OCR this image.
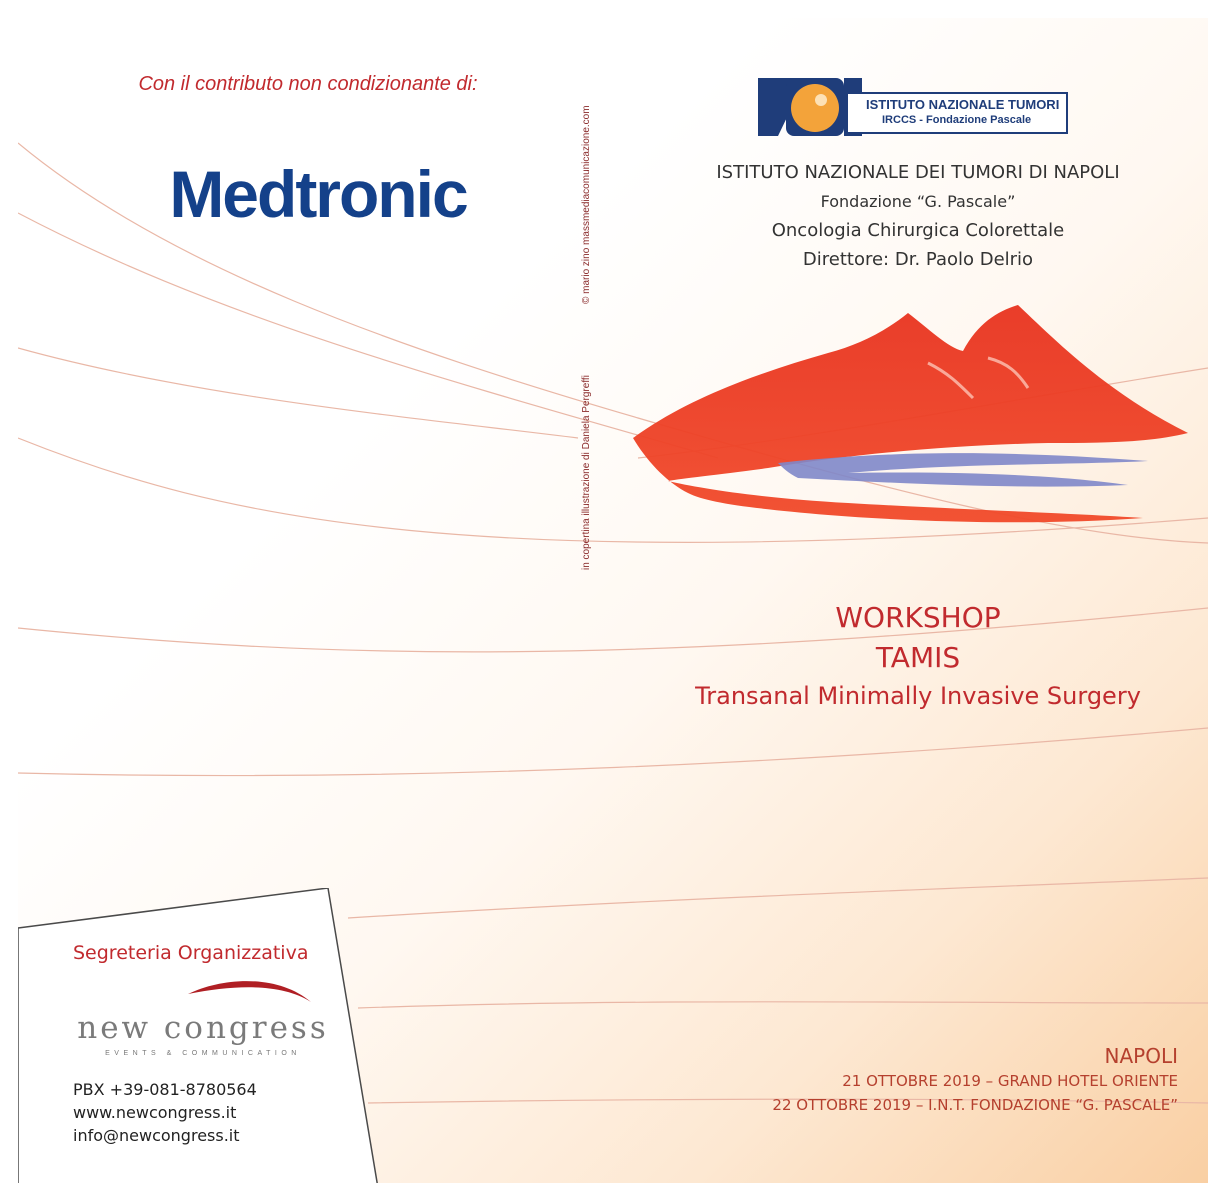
Con il contributo non condizionante di:
Medtronic
in copertina illustrazione di Daniela Pergreffi
© mario zino massmediacomunicazione.com
ISTITUTO NAZIONALE TUMORI
IRCCS - Fondazione Pascale
ISTITUTO NAZIONALE DEI TUMORI DI NAPOLI
Fondazione “G. Pascale”
Oncologia Chirurgica Colorettale
Direttore: Dr. Paolo Delrio
WORKSHOP
TAMIS
Transanal Minimally Invasive Surgery
NAPOLI
21 OTTOBRE 2019 – GRAND HOTEL ORIENTE
22 OTTOBRE 2019 – I.N.T. FONDAZIONE “G. PASCALE”
Segreteria Organizzativa
new congress
EVENTS & COMMUNICATION
PBX +39-081-8780564
www.newcongress.it
info@newcongress.it
